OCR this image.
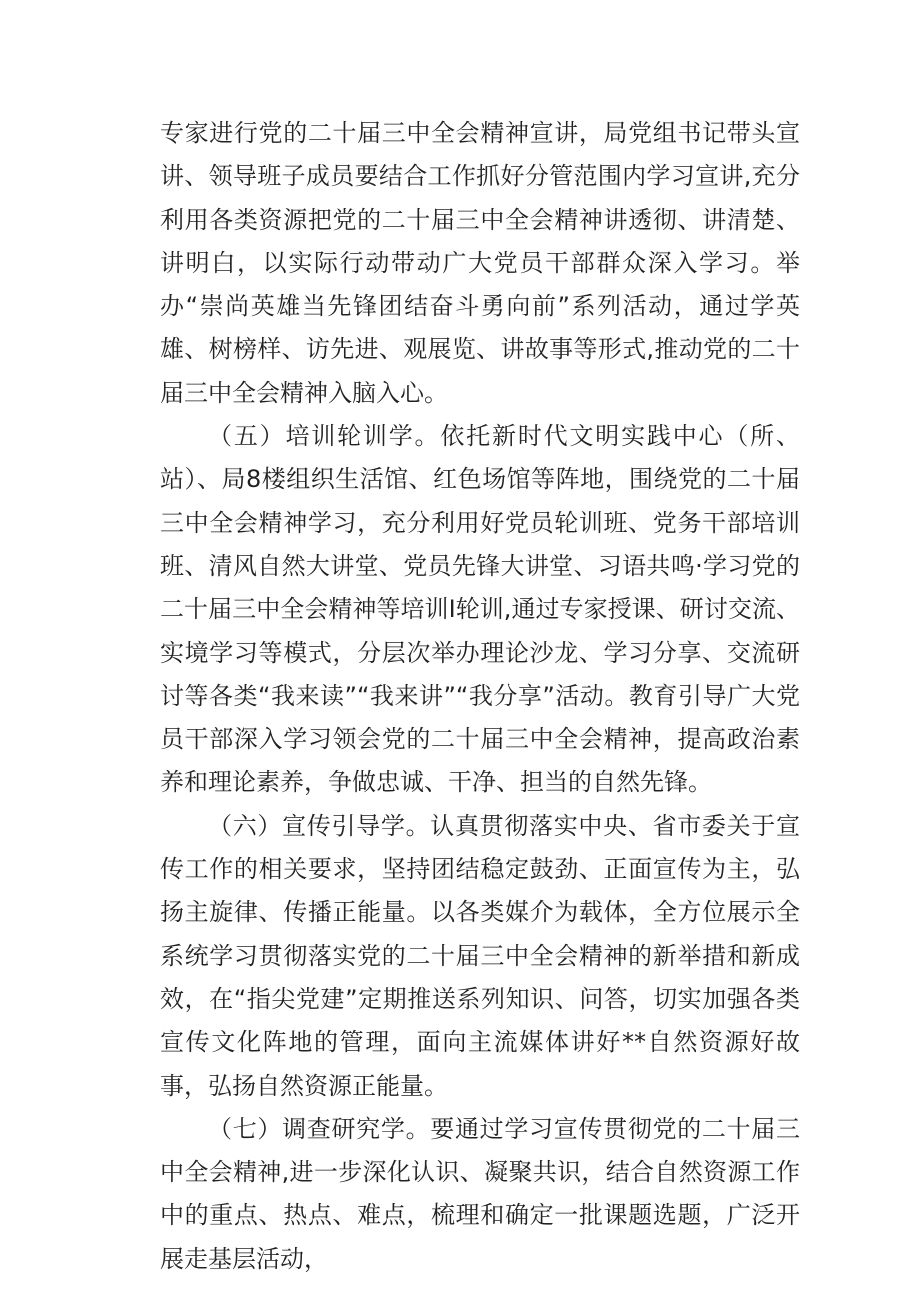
专家进行党的二十届三中全会精神宣讲，局党组书记带头宣讲、领导班子成员要结合工作抓好分管范围内学习宣讲,充分利用各类资源把党的二十届三中全会精神讲透彻、讲清楚、讲明白，以实际行动带动广大党员干部群众深入学习。举办“崇尚英雄当先锋团结奋斗勇向前”系列活动，通过学英雄、树榜样、访先进、观展览、讲故事等形式,推动党的二十届三中全会精神入脑入心。

（五）培训轮训学。依托新时代文明实践中心（所、站）、局8楼组织生活馆、红色场馆等阵地，围绕党的二十届三中全会精神学习，充分利用好党员轮训班、党务干部培训班、清风自然大讲堂、党员先锋大讲堂、习语共鸣·学习党的二十届三中全会精神等培训I轮训,通过专家授课、研讨交流、实境学习等模式，分层次举办理论沙龙、学习分享、交流研讨等各类“我来读”“我来讲”“我分享”活动。教育引导广大党员干部深入学习领会党的二十届三中全会精神，提高政治素养和理论素养，争做忠诚、干净、担当的自然先锋。

（六）宣传引导学。认真贯彻落实中央、省市委关于宣传工作的相关要求，坚持团结稳定鼓劲、正面宣传为主，弘扬主旋律、传播正能量。以各类媒介为载体，全方位展示全系统学习贯彻落实党的二十届三中全会精神的新举措和新成效，在“指尖党建”定期推送系列知识、问答，切实加强各类宣传文化阵地的管理，面向主流媒体讲好**自然资源好故事，弘扬自然资源正能量。

（七）调查研究学。要通过学习宣传贯彻党的二十届三中全会精神,进一步深化认识、凝聚共识，结合自然资源工作中的重点、热点、难点，梳理和确定一批课题选题，广泛开展走基层活动，
